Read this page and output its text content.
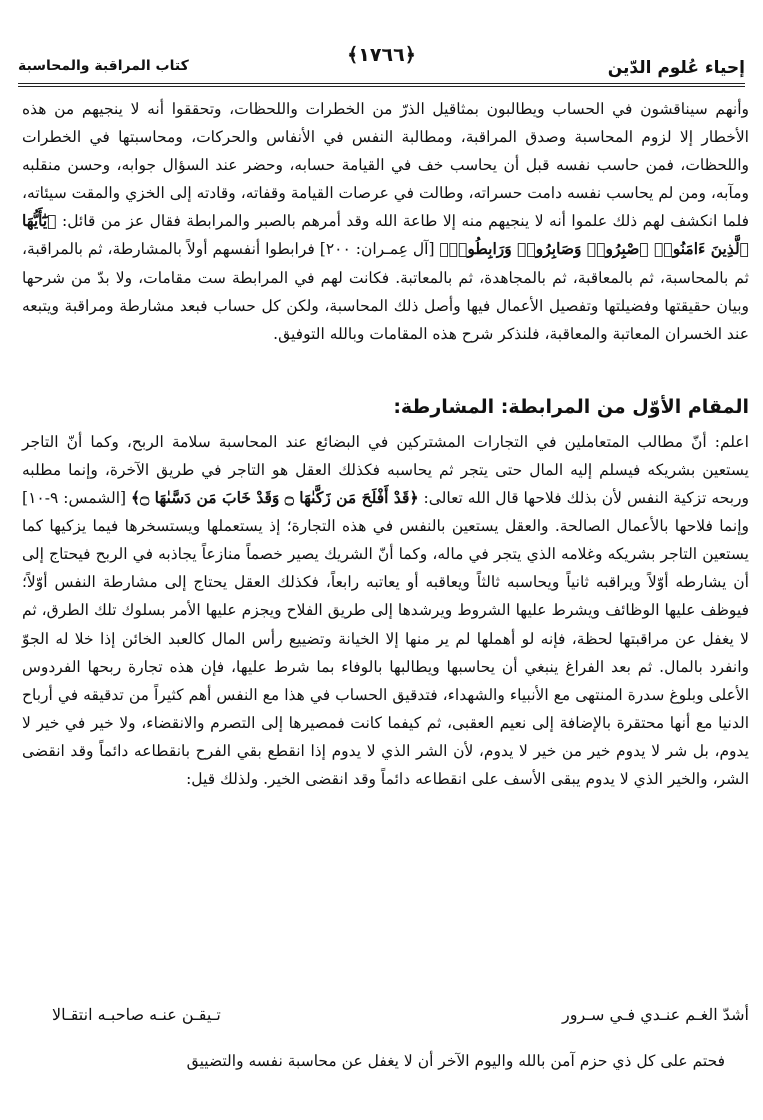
إحياء عُلوم الدّين
﴿١٧٦٦﴾
كتاب المراقبة والمحاسبة

وأنهم سيناقشون في الحساب ويطالبون بمثاقيل الذرّ من الخطرات واللحظات، وتحققوا أنه لا ينجيهم من هذه الأخطار إلا لزوم المحاسبة وصدق المراقبة، ومطالبة النفس في الأنفاس والحركات، ومحاسبتها في الخطرات واللحظات، فمن حاسب نفسه قبل أن يحاسب خف في القيامة حسابه، وحضر عند السؤال جوابه، وحسن منقلبه ومآبه، ومن لم يحاسب نفسه دامت حسراته، وطالت في عرصات القيامة وقفاته، وقادته إلى الخزي والمقت سيئاته، فلما انكشف لهم ذلك علموا أنه لا ينجيهم منه إلا طاعة الله وقد أمرهم بالصبر والمرابطة فقال عز من قائل: ﴿يَٰٓأَيُّهَا ٱلَّذِينَ ءَامَنُوا۟ ٱصْبِرُوا۟ وَصَابِرُوا۟ وَرَابِطُوا۟﴾ [آل عِمـران: ٢٠٠] فرابطوا أنفسهم أولاً بالمشارطة، ثم بالمراقبة، ثم بالمحاسبة، ثم بالمعاقبة، ثم بالمجاهدة، ثم بالمعاتبة. فكانت لهم في المرابطة ست مقامات، ولا بدّ من شرحها وبيان حقيقتها وفضيلتها وتفصيل الأعمال فيها وأصل ذلك المحاسبة، ولكن كل حساب فبعد مشارطة ومراقبة ويتبعه عند الخسران المعاتبة والمعاقبة، فلنذكر شرح هذه المقامات وبالله التوفيق.

المقام الأوّل من المرابطة: المشارطة:

اعلم: أنّ مطالب المتعاملين في التجارات المشتركين في البضائع عند المحاسبة سلامة الربح، وكما أنّ التاجر يستعين بشريكه فيسلم إليه المال حتى يتجر ثم يحاسبه فكذلك العقل هو التاجر في طريق الآخرة، وإنما مطلبه وربحه تزكية النفس لأن بذلك فلاحها قال الله تعالى: ﴿قَدْ أَفْلَحَ مَن زَكَّىٰهَا ۝ وَقَدْ خَابَ مَن دَسَّىٰهَا ۝﴾ [الشمس: ٩-١٠] وإنما فلاحها بالأعمال الصالحة. والعقل يستعين بالنفس في هذه التجارة؛ إذ يستعملها ويستسخرها فيما يزكيها كما يستعين التاجر بشريكه وغلامه الذي يتجر في ماله، وكما أنّ الشريك يصير خصماً منازعاً يجاذبه في الربح فيحتاج إلى أن يشارطه أوّلاً ويراقبه ثانياً ويحاسبه ثالثاً ويعاقبه أو يعاتبه رابعاً، فكذلك العقل يحتاج إلى مشارطة النفس أوّلاً؛ فيوظف عليها الوظائف ويشرط عليها الشروط ويرشدها إلى طريق الفلاح ويجزم عليها الأمر بسلوك تلك الطرق، ثم لا يغفل عن مراقبتها لحظة، فإنه لو أهملها لم ير منها إلا الخيانة وتضييع رأس المال كالعبد الخائن إذا خلا له الجوّ وانفرد بالمال. ثم بعد الفراغ ينبغي أن يحاسبها ويطالبها بالوفاء بما شرط عليها، فإن هذه تجارة ربحها الفردوس الأعلى وبلوغ سدرة المنتهى مع الأنبياء والشهداء، فتدقيق الحساب في هذا مع النفس أهم كثيراً من تدقيقه في أرباح الدنيا مع أنها محتقرة بالإضافة إلى نعيم العقبى، ثم كيفما كانت فمصيرها إلى التصرم والانقضاء، ولا خير في خير لا يدوم، بل شر لا يدوم خير من خير لا يدوم، لأن الشر الذي لا يدوم إذا انقطع بقي الفرح بانقطاعه دائماً وقد انقضى الشر، والخير الذي لا يدوم يبقى الأسف على انقطاعه دائماً وقد انقضى الخير. ولذلك قيل:

أشدّ الغـم عنـدي فـي سـرور
تـيقـن عنـه صاحبـه انتقـالا
فحتم على كل ذي حزم آمن بالله واليوم الآخر أن لا يغفل عن محاسبة نفسه والتضييق
